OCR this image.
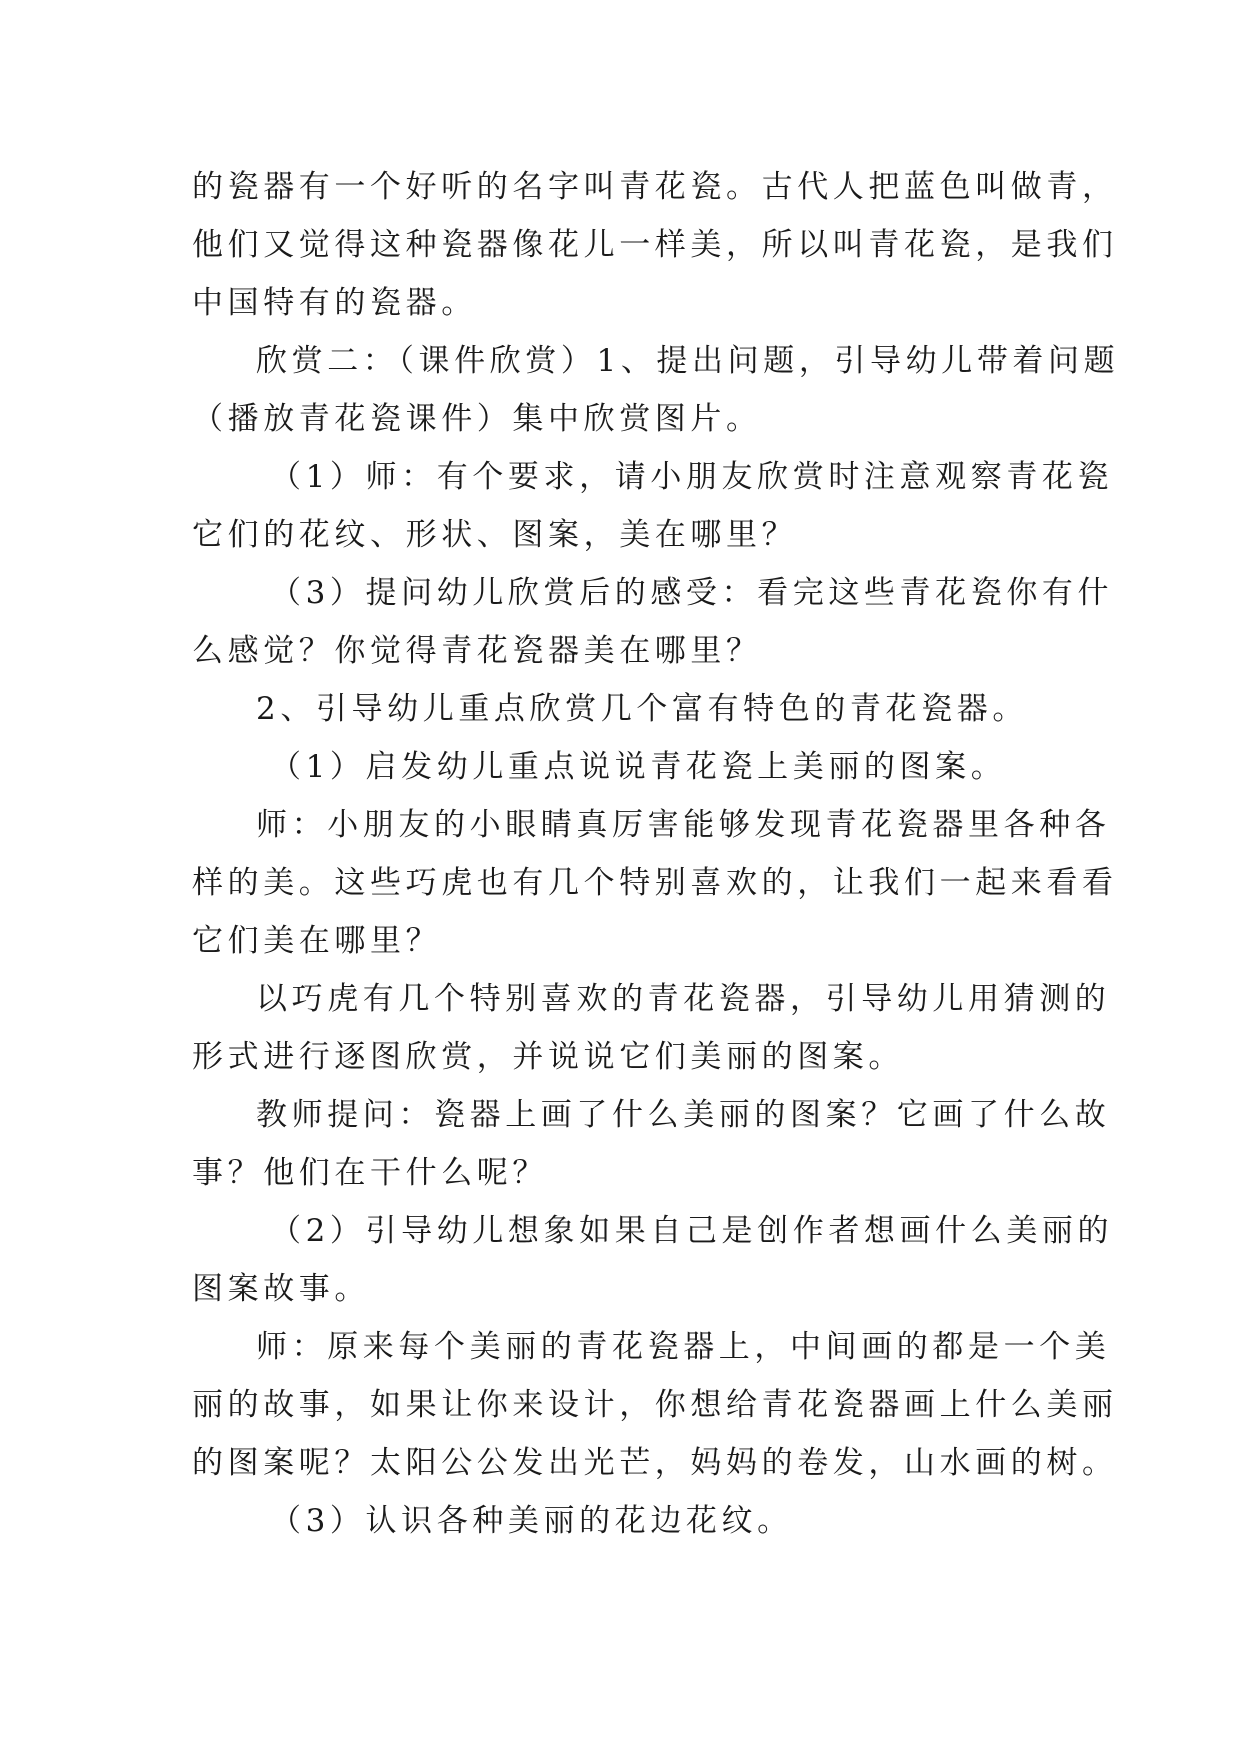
的瓷器有一个好听的名字叫青花瓷。古代人把蓝色叫做青，
他们又觉得这种瓷器像花儿一样美，所以叫青花瓷，是我们
中国特有的瓷器。
欣赏二：（课件欣赏）1、提出问题，引导幼儿带着问题
（播放青花瓷课件）集中欣赏图片。
（1）师：有个要求，请小朋友欣赏时注意观察青花瓷
它们的花纹、形状、图案，美在哪里？
（3）提问幼儿欣赏后的感受：看完这些青花瓷你有什
么感觉？你觉得青花瓷器美在哪里？
2、引导幼儿重点欣赏几个富有特色的青花瓷器。
（1）启发幼儿重点说说青花瓷上美丽的图案。
师：小朋友的小眼睛真厉害能够发现青花瓷器里各种各
样的美。这些巧虎也有几个特别喜欢的，让我们一起来看看
它们美在哪里？
以巧虎有几个特别喜欢的青花瓷器，引导幼儿用猜测的
形式进行逐图欣赏，并说说它们美丽的图案。
教师提问：瓷器上画了什么美丽的图案？它画了什么故
事？他们在干什么呢？
（2）引导幼儿想象如果自己是创作者想画什么美丽的
图案故事。
师：原来每个美丽的青花瓷器上，中间画的都是一个美
丽的故事，如果让你来设计，你想给青花瓷器画上什么美丽
的图案呢？太阳公公发出光芒，妈妈的卷发，山水画的树。
（3）认识各种美丽的花边花纹。
